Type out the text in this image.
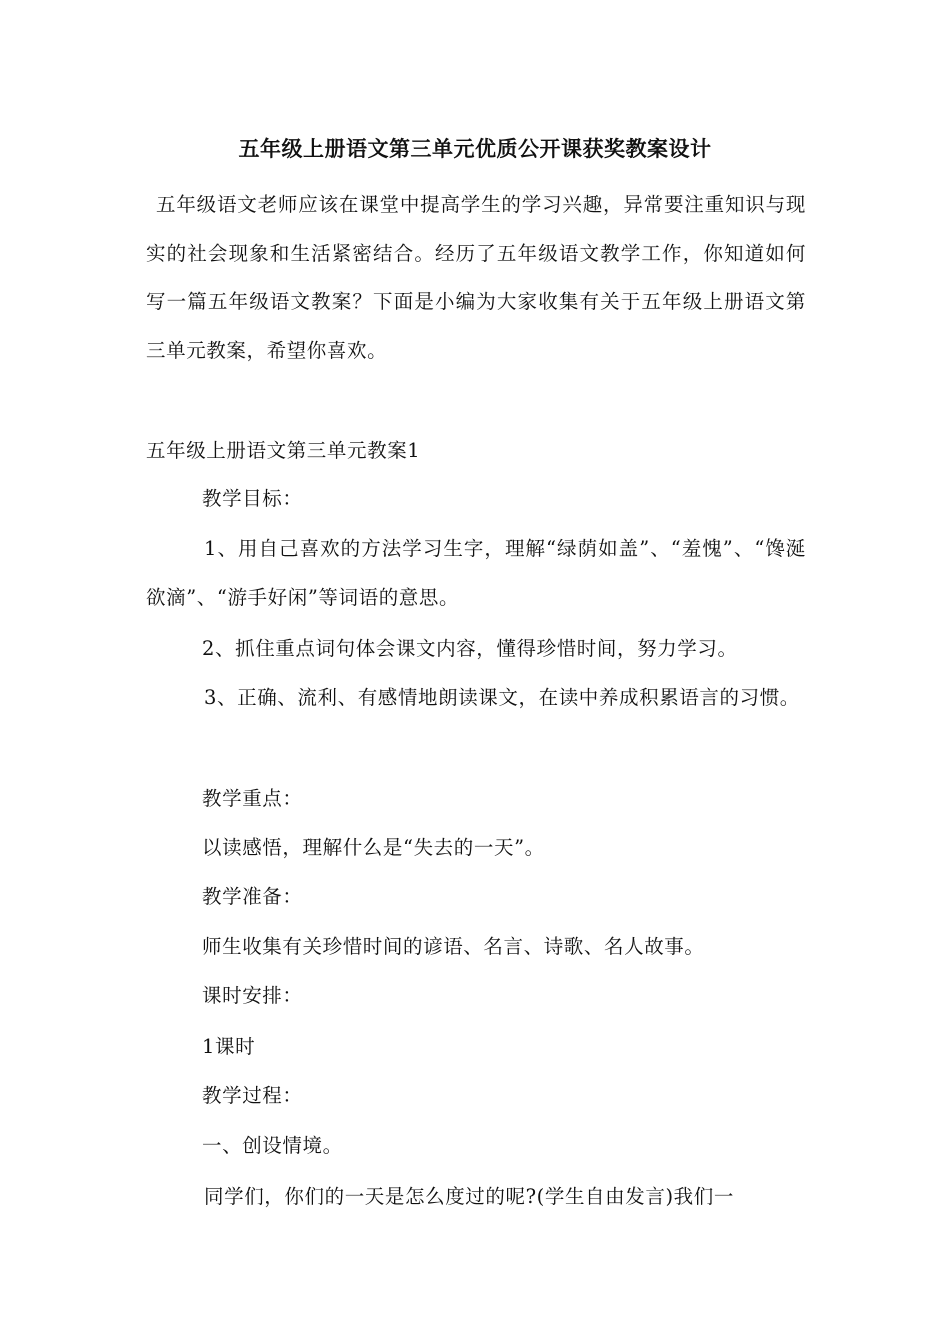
五年级上册语文第三单元优质公开课获奖教案设计
五年级语文老师应该在课堂中提高学生的学习兴趣，异常要注重知识与现实的社会现象和生活紧密结合。经历了五年级语文教学工作，你知道如何写一篇五年级语文教案？下面是小编为大家收集有关于五年级上册语文第三单元教案，希望你喜欢。
五年级上册语文第三单元教案1
教学目标：
1、用自己喜欢的方法学习生字，理解“绿荫如盖”、“羞愧”、“馋涎欲滴”、“游手好闲”等词语的意思。
2、抓住重点词句体会课文内容，懂得珍惜时间，努力学习。
3、正确、流利、有感情地朗读课文，在读中养成积累语言的习惯。
教学重点：
以读感悟，理解什么是“失去的一天”。
教学准备：
师生收集有关珍惜时间的谚语、名言、诗歌、名人故事。
课时安排：
1课时
教学过程：
一、创设情境。
同学们，你们的一天是怎么度过的呢?(学生自由发言)我们一
